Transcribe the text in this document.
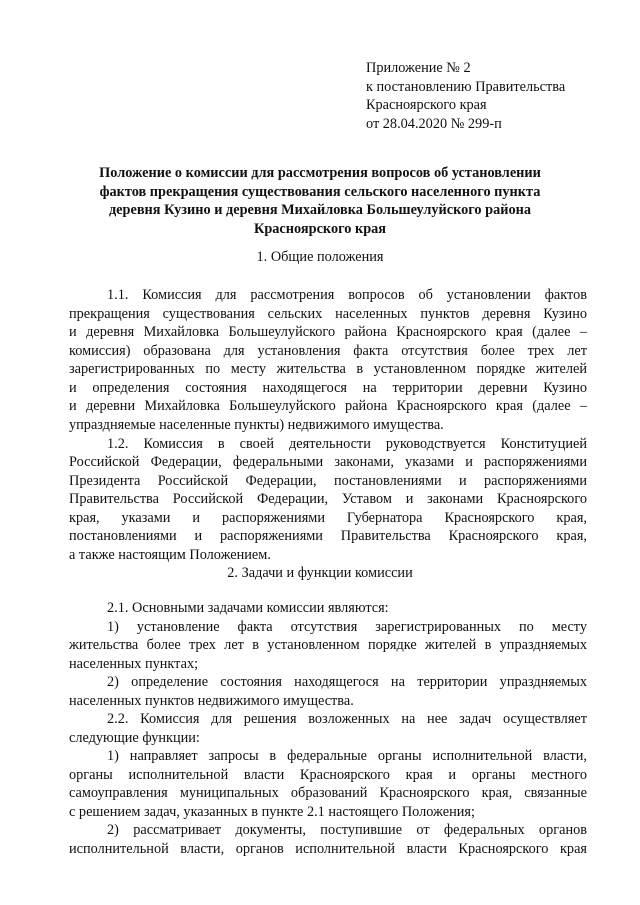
Приложение № 2
к постановлению Правительства
Красноярского края
от 28.04.2020 № 299-п
Положение о комиссии для рассмотрения вопросов об установлении
фактов прекращения существования сельского населенного пункта
деревня Кузино и деревня Михайловка Большеулуйского района
Красноярского края
1. Общие положения
1.1. Комиссия для рассмотрения вопросов об установлении фактов
прекращения существования сельских населенных пунктов деревня Кузино
и деревня Михайловка Большеулуйского района Красноярского края (далее –
комиссия) образована для установления факта отсутствия более трех лет
зарегистрированных по месту жительства в установленном порядке жителей
и определения состояния находящегося на территории деревни Кузино
и деревни Михайловка Большеулуйского района Красноярского края (далее –
упраздняемые населенные пункты) недвижимого имущества.
1.2. Комиссия в своей деятельности руководствуется Конституцией
Российской Федерации, федеральными законами, указами и распоряжениями
Президента Российской Федерации, постановлениями и распоряжениями
Правительства Российской Федерации, Уставом и законами Красноярского
края, указами и распоряжениями Губернатора Красноярского края,
постановлениями и распоряжениями Правительства Красноярского края,
а также настоящим Положением.
2. Задачи и функции комиссии
2.1. Основными задачами комиссии являются:
1) установление факта отсутствия зарегистрированных по месту
жительства более трех лет в установленном порядке жителей в упраздняемых
населенных пунктах;
2) определение состояния находящегося на территории упраздняемых
населенных пунктов недвижимого имущества.
2.2. Комиссия для решения возложенных на нее задач осуществляет
следующие функции:
1) направляет запросы в федеральные органы исполнительной власти,
органы исполнительной власти Красноярского края и органы местного
самоуправления муниципальных образований Красноярского края, связанные
с решением задач, указанных в пункте 2.1 настоящего Положения;
2) рассматривает документы, поступившие от федеральных органов
исполнительной власти, органов исполнительной власти Красноярского края
